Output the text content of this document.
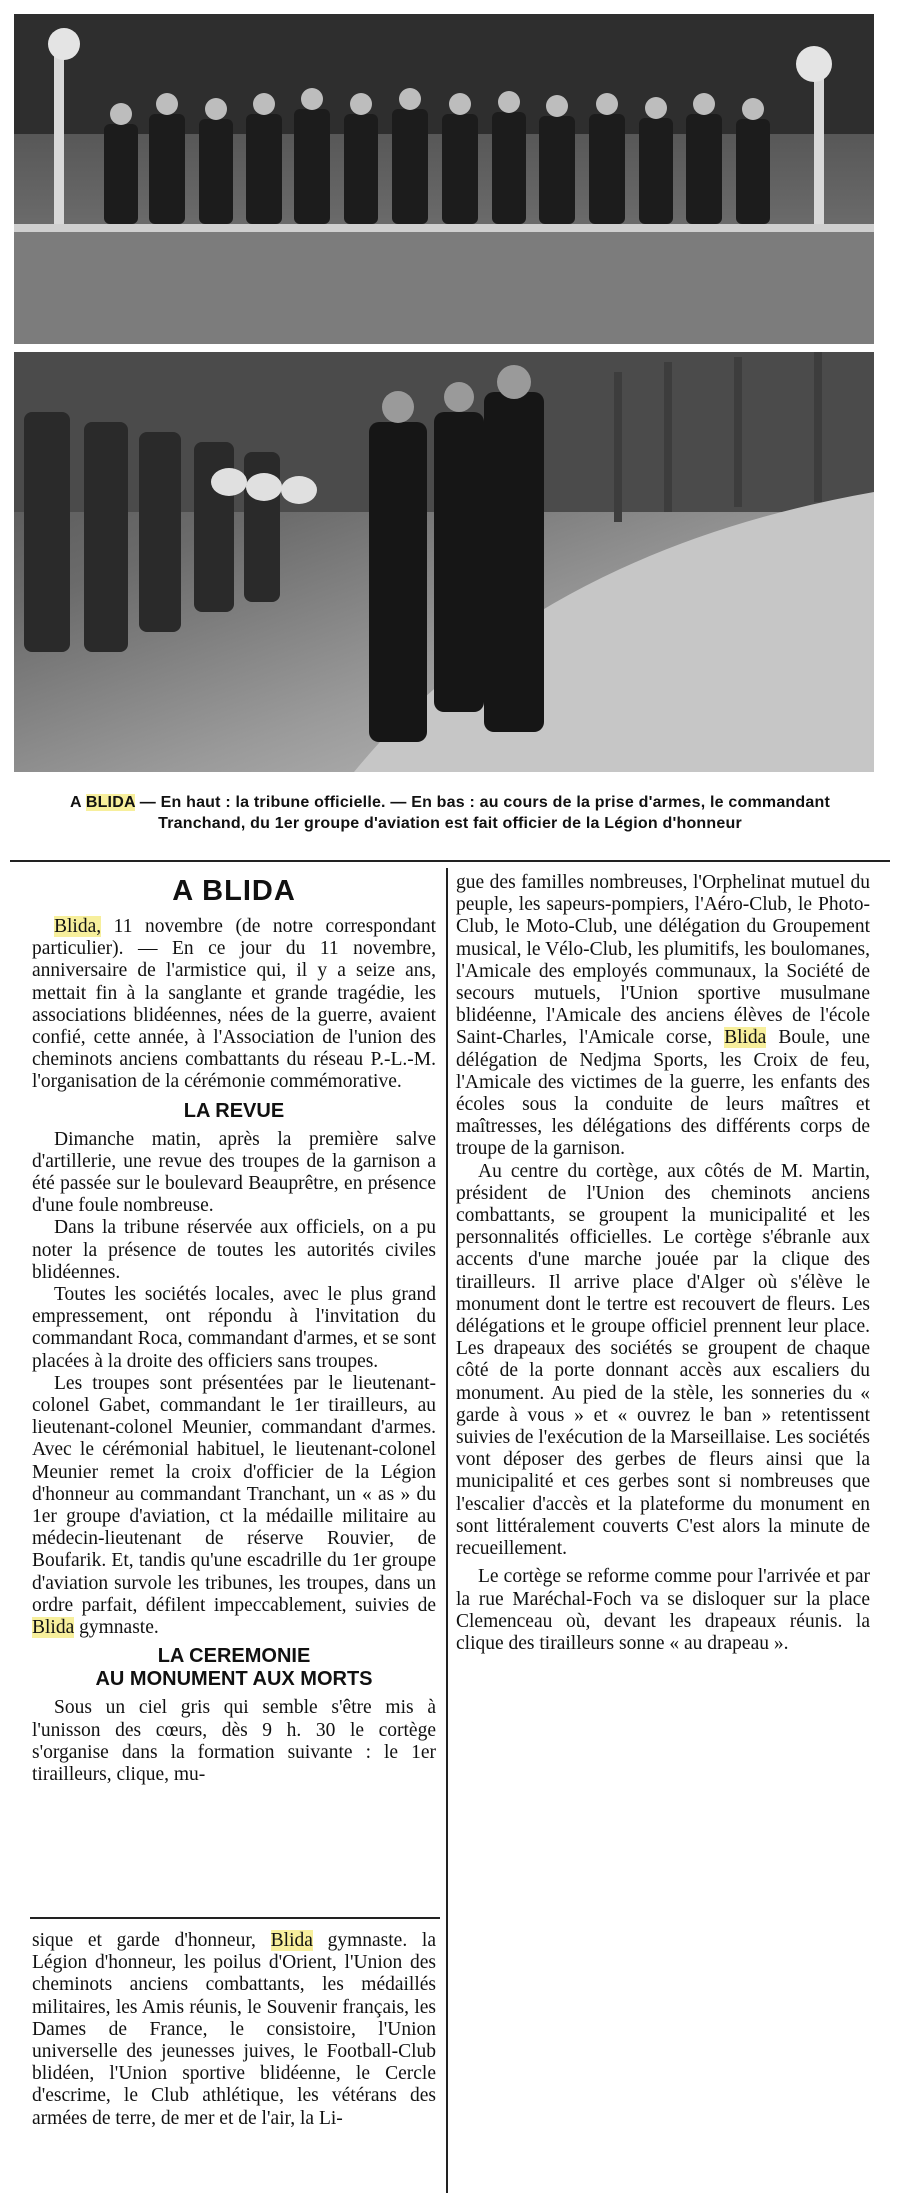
A BLIDA — En haut : la tribune officielle. — En bas : au cours de la prise d'armes, le commandant Tranchand, du 1er groupe d'aviation est fait officier de la Légion d'honneur
A BLIDA

Blida, 11 novembre (de notre correspondant particulier). — En ce jour du 11 novembre, anniversaire de l'armistice qui, il y a seize ans, mettait fin à la sanglante et grande tragédie, les associations blidéennes, nées de la guerre, avaient confié, cette année, à l'Association de l'union des cheminots anciens combattants du réseau P.-L.-M. l'organisation de la cérémonie commémorative.

LA REVUE

Dimanche matin, après la première salve d'artillerie, une revue des troupes de la garnison a été passée sur le boulevard Beauprêtre, en présence d'une foule nombreuse.

Dans la tribune réservée aux officiels, on a pu noter la présence de toutes les autorités civiles blidéennes.

Toutes les sociétés locales, avec le plus grand empressement, ont répondu à l'invitation du commandant Roca, commandant d'armes, et se sont placées à la droite des officiers sans troupes.

Les troupes sont présentées par le lieutenant-colonel Gabet, commandant le 1er tirailleurs, au lieutenant-colonel Meunier, commandant d'armes. Avec le cérémonial habituel, le lieutenant-colonel Meunier remet la croix d'officier de la Légion d'honneur au commandant Tranchant, un « as » du 1er groupe d'aviation, ct la médaille militaire au médecin-lieutenant de réserve Rouvier, de Boufarik. Et, tandis qu'une escadrille du 1er groupe d'aviation survole les tribunes, les troupes, dans un ordre parfait, défilent impeccablement, suivies de Blida gymnaste.

LA CEREMONIE
AU MONUMENT AUX MORTS

Sous un ciel gris qui semble s'être mis à l'unisson des cœurs, dès 9 h. 30 le cortège s'organise dans la formation suivante : le 1er tirailleurs, clique, mu-

sique et garde d'honneur, Blida gymnaste. la Légion d'honneur, les poilus d'Orient, l'Union des cheminots anciens combattants, les médaillés militaires, les Amis réunis, le Souvenir français, les Dames de France, le consistoire, l'Union universelle des jeunesses juives, le Football-Club blidéen, l'Union sportive blidéenne, le Cercle d'escrime, le Club athlétique, les vétérans des armées de terre, de mer et de l'air, la Li-

gue des familles nombreuses, l'Orphelinat mutuel du peuple, les sapeurs-pompiers, l'Aéro-Club, le Photo-Club, le Moto-Club, une délégation du Groupement musical, le Vélo-Club, les plumitifs, les boulomanes, l'Amicale des employés communaux, la Société de secours mutuels, l'Union sportive musulmane blidéenne, l'Amicale des anciens élèves de l'école Saint-Charles, l'Amicale corse, Blida Boule, une délégation de Nedjma Sports, les Croix de feu, l'Amicale des victimes de la guerre, les enfants des écoles sous la conduite de leurs maîtres et maîtresses, les délégations des différents corps de troupe de la garnison.

Au centre du cortège, aux côtés de M. Martin, président de l'Union des cheminots anciens combattants, se groupent la municipalité et les personnalités officielles. Le cortège s'ébranle aux accents d'une marche jouée par la clique des tirailleurs. Il arrive place d'Alger où s'élève le monument dont le tertre est recouvert de fleurs. Les délégations et le groupe officiel prennent leur place. Les drapeaux des sociétés se groupent de chaque côté de la porte donnant accès aux escaliers du monument. Au pied de la stèle, les sonneries du « garde à vous » et « ouvrez le ban » retentissent suivies de l'exécution de la Marseillaise. Les sociétés vont déposer des gerbes de fleurs ainsi que la municipalité et ces gerbes sont si nombreuses que l'escalier d'accès et la plateforme du monument en sont littéralement couverts C'est alors la minute de recueillement.

Le cortège se reforme comme pour l'arrivée et par la rue Maréchal-Foch va se disloquer sur la place Clemenceau où, devant les drapeaux réunis. la clique des tirailleurs sonne « au drapeau ».
